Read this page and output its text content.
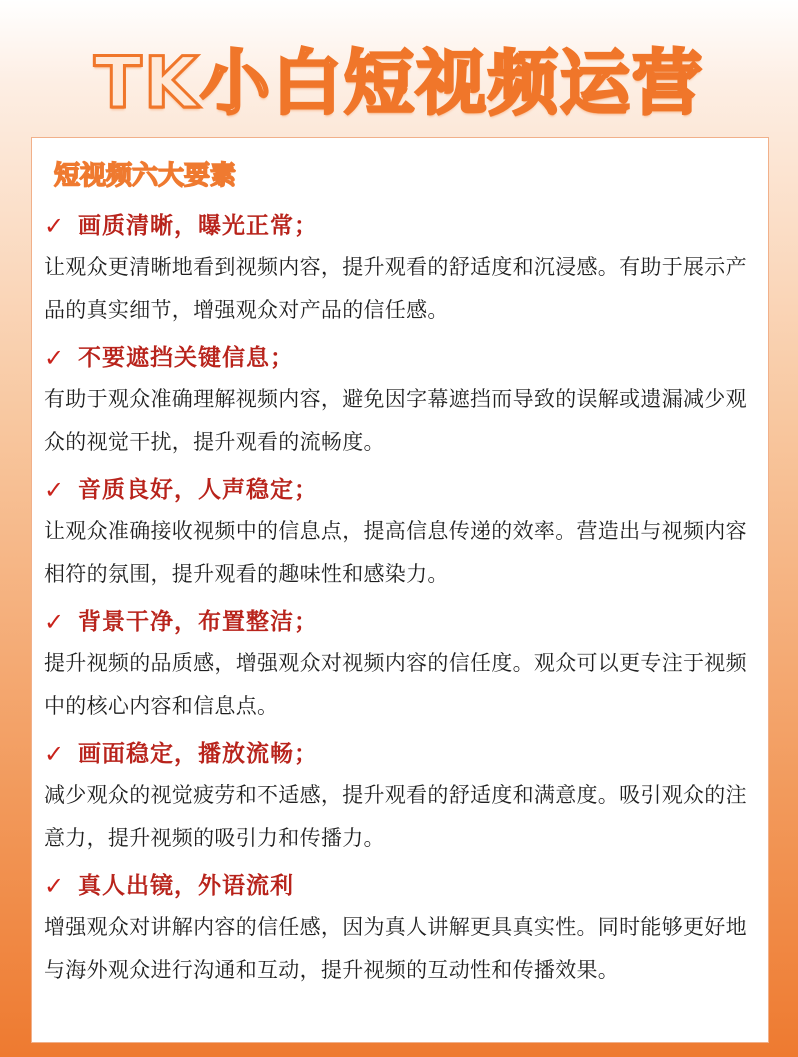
TK小白短视频运营
短视频六大要素
✓ 画质清晰，曝光正常；
让观众更清晰地看到视频内容，提升观看的舒适度和沉浸感。有助于展示产品的真实细节，增强观众对产品的信任感。
✓ 不要遮挡关键信息；
有助于观众准确理解视频内容，避免因字幕遮挡而导致的误解或遗漏减少观众的视觉干扰，提升观看的流畅度。
✓ 音质良好，人声稳定；
让观众准确接收视频中的信息点，提高信息传递的效率。营造出与视频内容相符的氛围，提升观看的趣味性和感染力。
✓ 背景干净，布置整洁；
提升视频的品质感，增强观众对视频内容的信任度。观众可以更专注于视频中的核心内容和信息点。
✓ 画面稳定，播放流畅；
减少观众的视觉疲劳和不适感，提升观看的舒适度和满意度。吸引观众的注意力，提升视频的吸引力和传播力。
✓ 真人出镜，外语流利
增强观众对讲解内容的信任感，因为真人讲解更具真实性。同时能够更好地与海外观众进行沟通和互动，提升视频的互动性和传播效果。
